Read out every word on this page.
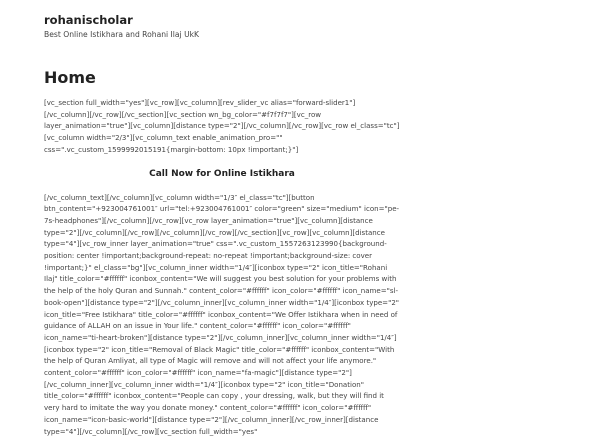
rohanischolar
Best Online Istikhara and Rohani Ilaj UkK
Home

[vc_section full_width="yes"][vc_row][vc_column][rev_slider_vc alias="forward-slider1"][/vc_column][/vc_row][/vc_section][vc_section wn_bg_color="#f7f7f7"][vc_row layer_animation="true"][vc_column][distance type="2"][/vc_column][/vc_row][vc_row el_class="tc"][vc_column width="2/3"][vc_column_text enable_animation_pro="" css=".vc_custom_1599992015191{margin-bottom: 10px !important;}"]

Call Now for Online Istikhara

[/vc_column_text][/vc_column][vc_column width="1/3″ el_class="tc"][button btn_content="+923004761001″ url="tel:+923004761001″ color="green" size="medium" icon="pe-7s-headphones"][/vc_column][/vc_row][vc_row layer_animation="true"][vc_column][distance type="2"][/vc_column][/vc_row][/vc_column][/vc_row][/vc_section][vc_row][vc_column][distance type="4"][vc_row_inner layer_animation="true" css=".vc_custom_1557263123990{background-position: center !important;background-repeat: no-repeat !important;background-size: cover !important;}" el_class="bg"][vc_column_inner width="1/4″][iconbox type="2" icon_title="Rohani Ilaj" title_color="#ffffff" iconbox_content="We will suggest you best solution for your problems with the help of the holy Quran and Sunnah." content_color="#ffffff" icon_color="#ffffff" icon_name="sl-book-open"][distance type="2"][/vc_column_inner][vc_column_inner width="1/4″][iconbox type="2" icon_title="Free Istikhara" title_color="#ffffff" iconbox_content="We Offer Istikhara when in need of guidance of ALLAH on an issue in Your life." content_color="#ffffff" icon_color="#ffffff" icon_name="ti-heart-broken"][distance type="2"][/vc_column_inner][vc_column_inner width="1/4″][iconbox type="2" icon_title="Removal of Black Magic" title_color="#ffffff" iconbox_content="With the help of Quran Amliyat, all type of Magic will remove and will not affect your life anymore." content_color="#ffffff" icon_color="#ffffff" icon_name="fa-magic"][distance type="2"][/vc_column_inner][vc_column_inner width="1/4″][iconbox type="2" icon_title="Donation" title_color="#ffffff" iconbox_content="People can copy , your dressing, walk, but they will find it very hard to imitate the way you donate money." content_color="#ffffff" icon_color="#ffffff" icon_name="icon-basic-world"][distance type="2"][/vc_column_inner][/vc_row_inner][distance type="4"][/vc_column][/vc_row][vc_section full_width="yes"
